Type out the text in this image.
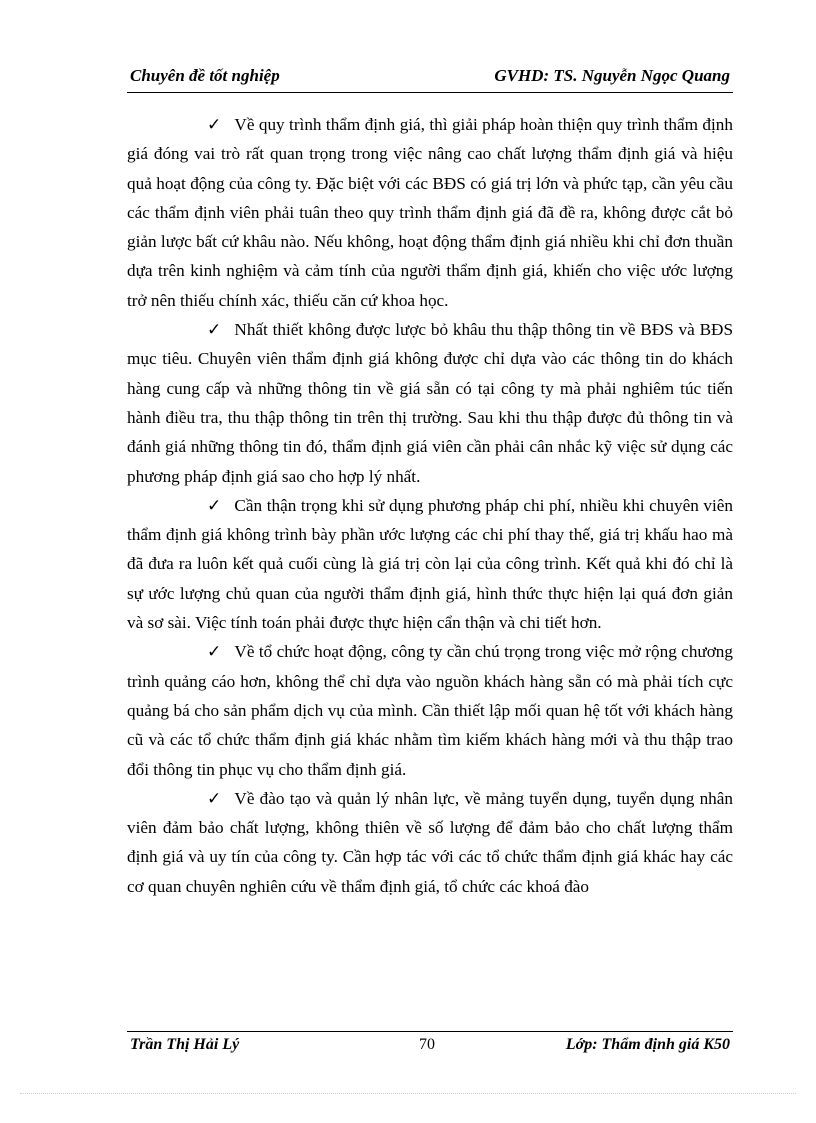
Chuyên đề tốt nghiệp	GVHD: TS. Nguyễn Ngọc Quang

✓ Về quy trình thẩm định giá, thì giải pháp hoàn thiện quy trình thẩm định giá đóng vai trò rất quan trọng trong việc nâng cao chất lượng thẩm định giá và hiệu quả hoạt động của công ty. Đặc biệt với các BĐS có giá trị lớn và phức tạp, cần yêu cầu các thẩm định viên phải tuân theo quy trình thẩm định giá đã đề ra, không được cắt bỏ giản lược bất cứ khâu nào. Nếu không, hoạt động thẩm định giá nhiều khi chỉ đơn thuần dựa trên kinh nghiệm và cảm tính của người thẩm định giá, khiến cho việc ước lượng trở nên thiếu chính xác, thiếu căn cứ khoa học.

✓ Nhất thiết không được lược bỏ khâu thu thập thông tin về BĐS và BĐS mục tiêu. Chuyên viên thẩm định giá không được chỉ dựa vào các thông tin do khách hàng cung cấp và những thông tin về giá sẵn có tại công ty mà phải nghiêm túc tiến hành điều tra, thu thập thông tin trên thị trường. Sau khi thu thập được đủ thông tin và đánh giá những thông tin đó, thẩm định giá viên cần phải cân nhắc kỹ việc sử dụng các phương pháp định giá sao cho hợp lý nhất.

✓ Cần thận trọng khi sử dụng phương pháp chi phí, nhiều khi chuyên viên thẩm định giá không trình bày phần ước lượng các chi phí thay thế, giá trị khấu hao mà đã đưa ra luôn kết quả cuối cùng là giá trị còn lại của công trình. Kết quả khi đó chỉ là sự ước lượng chủ quan của người thẩm định giá, hình thức thực hiện lại quá đơn giản và sơ sài. Việc tính toán phải được thực hiện cẩn thận và chi tiết hơn.

✓ Về tổ chức hoạt động, công ty cần chú trọng trong việc mở rộng chương trình quảng cáo hơn, không thể chỉ dựa vào nguồn khách hàng sẵn có mà phải tích cực quảng bá cho sản phẩm dịch vụ của mình. Cần thiết lập mối quan hệ tốt với khách hàng cũ và các tổ chức thẩm định giá khác nhằm tìm kiếm khách hàng mới và thu thập trao đổi thông tin phục vụ cho thẩm định giá.

✓ Về đào tạo và quản lý nhân lực, về mảng tuyển dụng, tuyển dụng nhân viên đảm bảo chất lượng, không thiên về số lượng để đảm bảo cho chất lượng thẩm định giá và uy tín của công ty. Cần hợp tác với các tổ chức thẩm định giá khác hay các cơ quan chuyên nghiên cứu về thẩm định giá, tổ chức các khoá đào

Trần Thị Hải Lý	70	Lớp: Thẩm định giá K50
